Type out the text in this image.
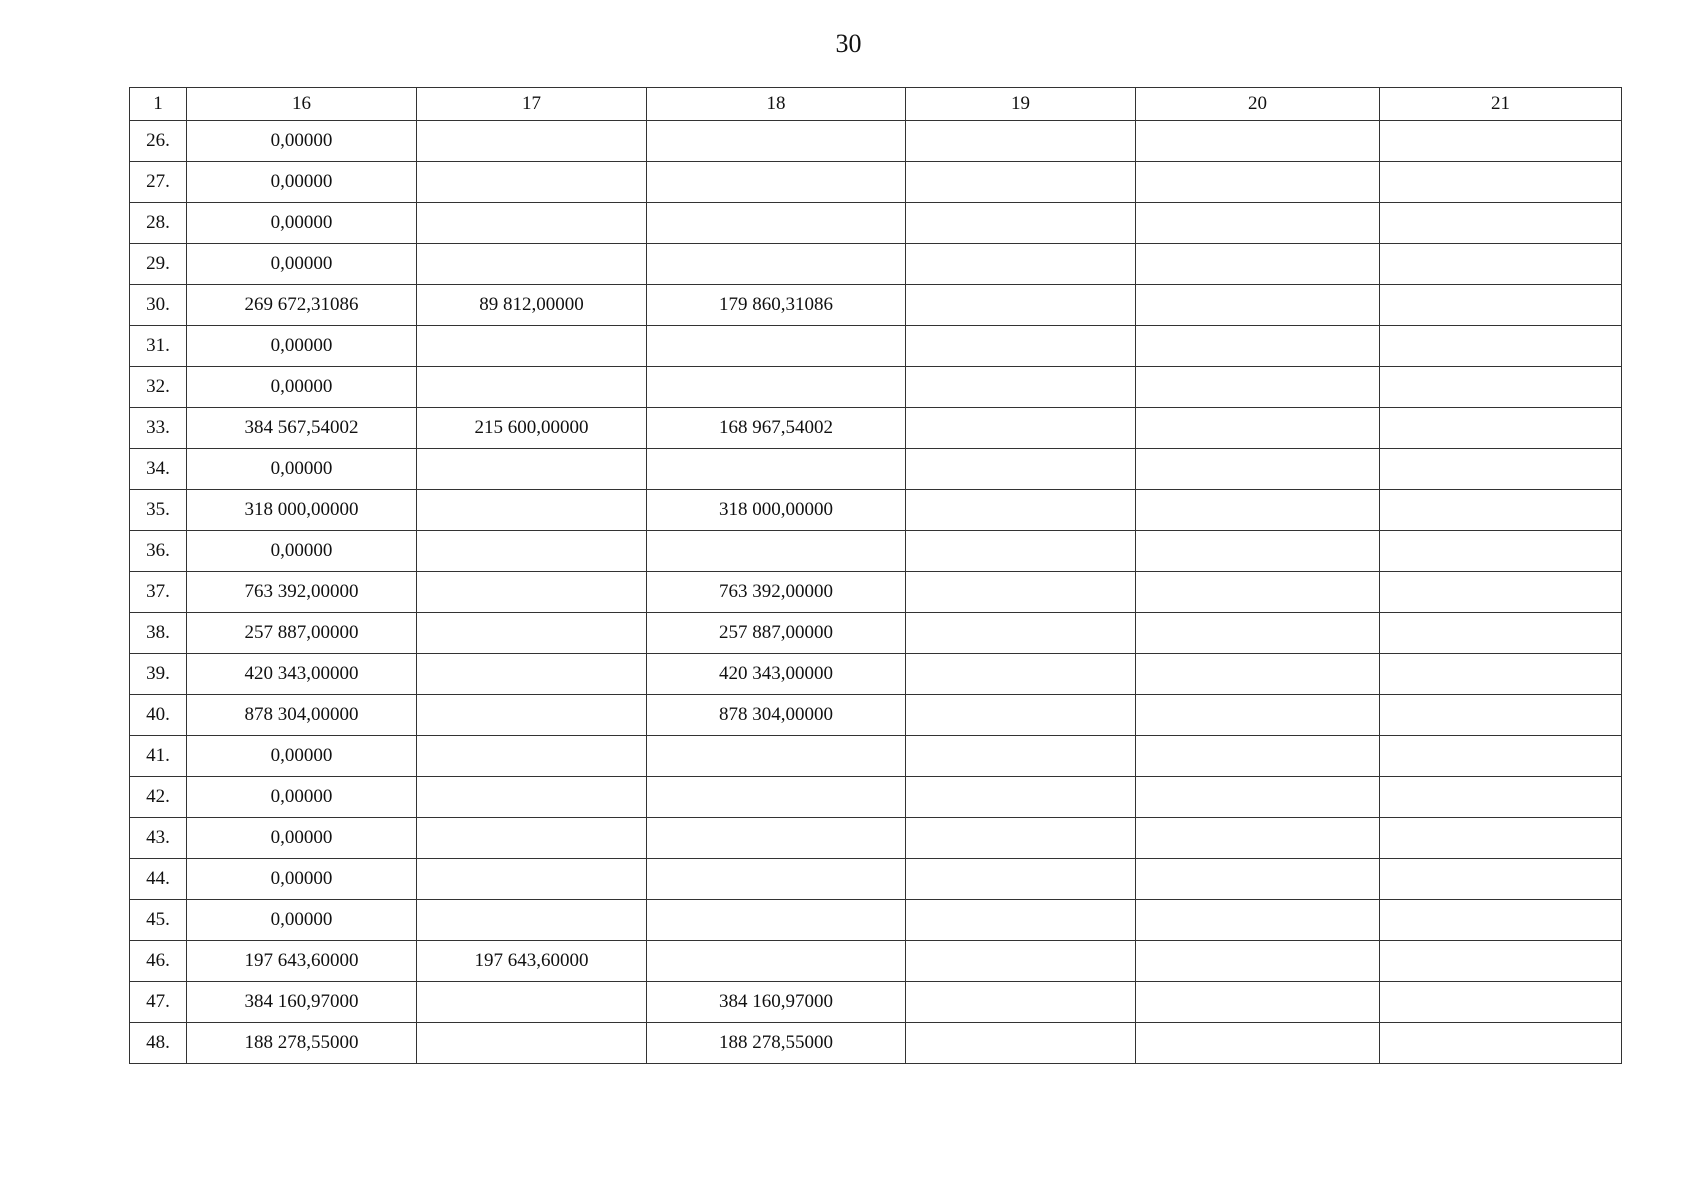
30
1	16	17	18	19	20	21
26.	0,00000					
27.	0,00000					
28.	0,00000					
29.	0,00000					
30.	269 672,31086	89 812,00000	179 860,31086			
31.	0,00000					
32.	0,00000					
33.	384 567,54002	215 600,00000	168 967,54002			
34.	0,00000					
35.	318 000,00000		318 000,00000			
36.	0,00000					
37.	763 392,00000		763 392,00000			
38.	257 887,00000		257 887,00000			
39.	420 343,00000		420 343,00000			
40.	878 304,00000		878 304,00000			
41.	0,00000					
42.	0,00000					
43.	0,00000					
44.	0,00000					
45.	0,00000					
46.	197 643,60000	197 643,60000				
47.	384 160,97000		384 160,97000			
48.	188 278,55000		188 278,55000			
